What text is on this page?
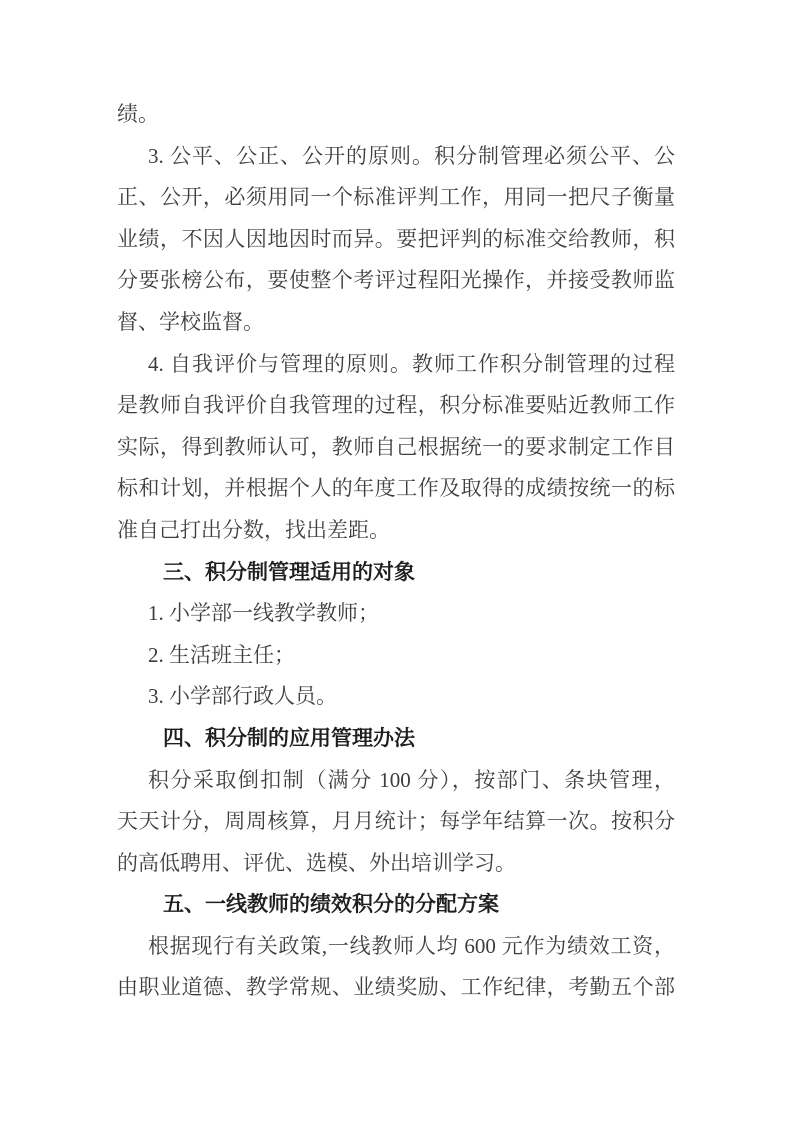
绩。
3. 公平、公正、公开的原则。积分制管理必须公平、公
正、公开，必须用同一个标准评判工作，用同一把尺子衡量
业绩，不因人因地因时而异。要把评判的标准交给教师，积
分要张榜公布，要使整个考评过程阳光操作，并接受教师监
督、学校监督。
4. 自我评价与管理的原则。教师工作积分制管理的过程
是教师自我评价自我管理的过程，积分标准要贴近教师工作
实际，得到教师认可，教师自己根据统一的要求制定工作目
标和计划，并根据个人的年度工作及取得的成绩按统一的标
准自己打出分数，找出差距。
三、积分制管理适用的对象
1. 小学部一线教学教师；
2. 生活班主任；
3. 小学部行政人员。
四、积分制的应用管理办法
积分采取倒扣制（满分 100 分），按部门、条块管理，
天天计分，周周核算，月月统计；每学年结算一次。按积分
的高低聘用、评优、选模、外出培训学习。
五、一线教师的绩效积分的分配方案
根据现行有关政策,一线教师人均 600 元作为绩效工资，
由职业道德、教学常规、业绩奖励、工作纪律，考勤五个部
